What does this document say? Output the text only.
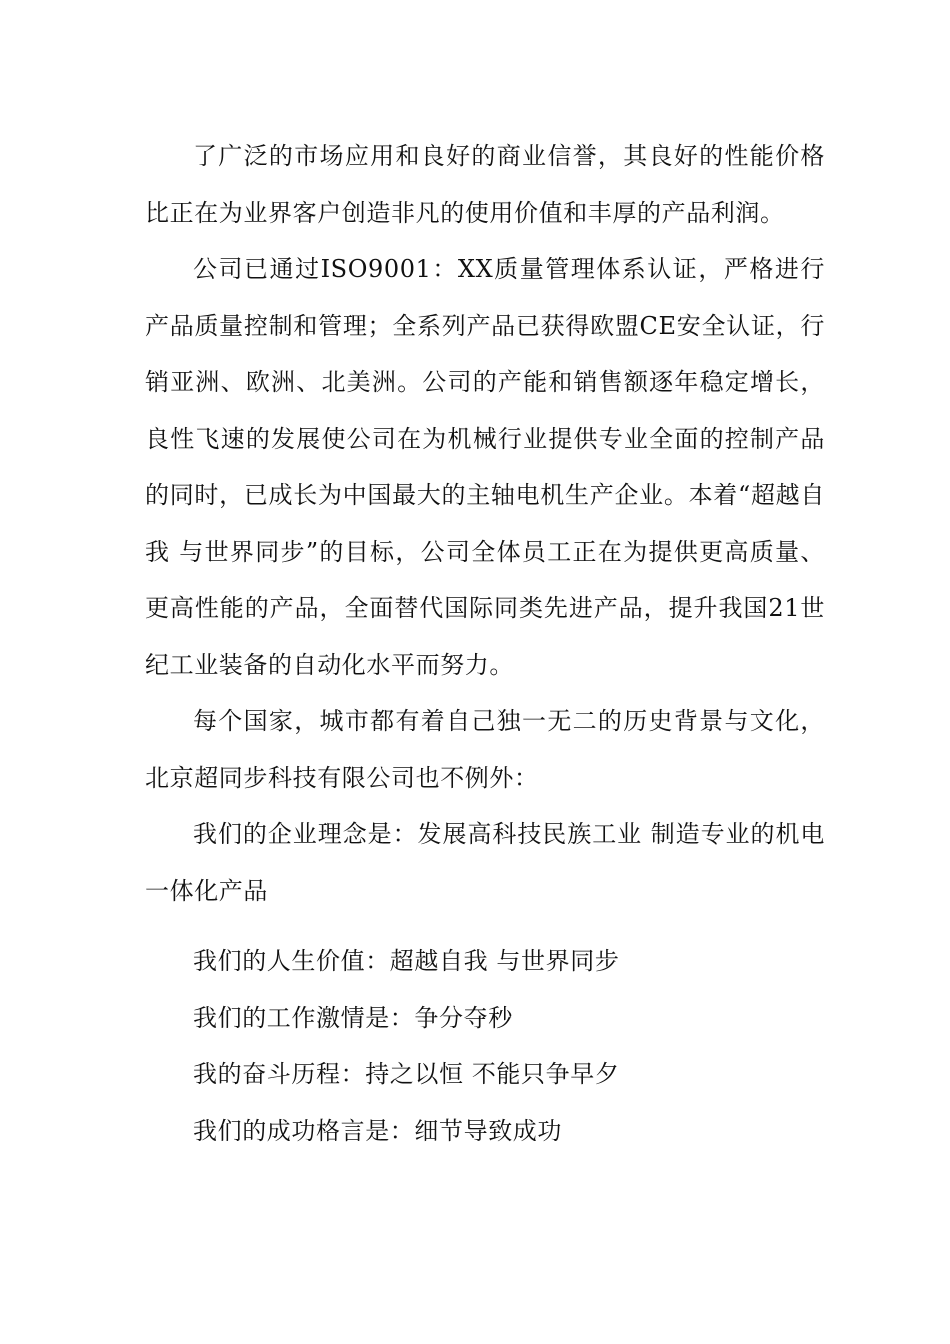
了广泛的市场应用和良好的商业信誉，其良好的性能价格比正在为业界客户创造非凡的使用价值和丰厚的产品利润。

公司已通过ISO9001：XX质量管理体系认证，严格进行产品质量控制和管理；全系列产品已获得欧盟CE安全认证，行销亚洲、欧洲、北美洲。公司的产能和销售额逐年稳定增长，良性飞速的发展使公司在为机械行业提供专业全面的控制产品的同时，已成长为中国最大的主轴电机生产企业。本着“超越自我 与世界同步”的目标，公司全体员工正在为提供更高质量、更高性能的产品，全面替代国际同类先进产品，提升我国21世纪工业装备的自动化水平而努力。

每个国家，城市都有着自己独一无二的历史背景与文化，北京超同步科技有限公司也不例外：

我们的企业理念是：发展高科技民族工业 制造专业的机电一体化产品

我们的人生价值：超越自我 与世界同步

我们的工作激情是：争分夺秒

我的奋斗历程：持之以恒 不能只争早夕

我们的成功格言是：细节导致成功
